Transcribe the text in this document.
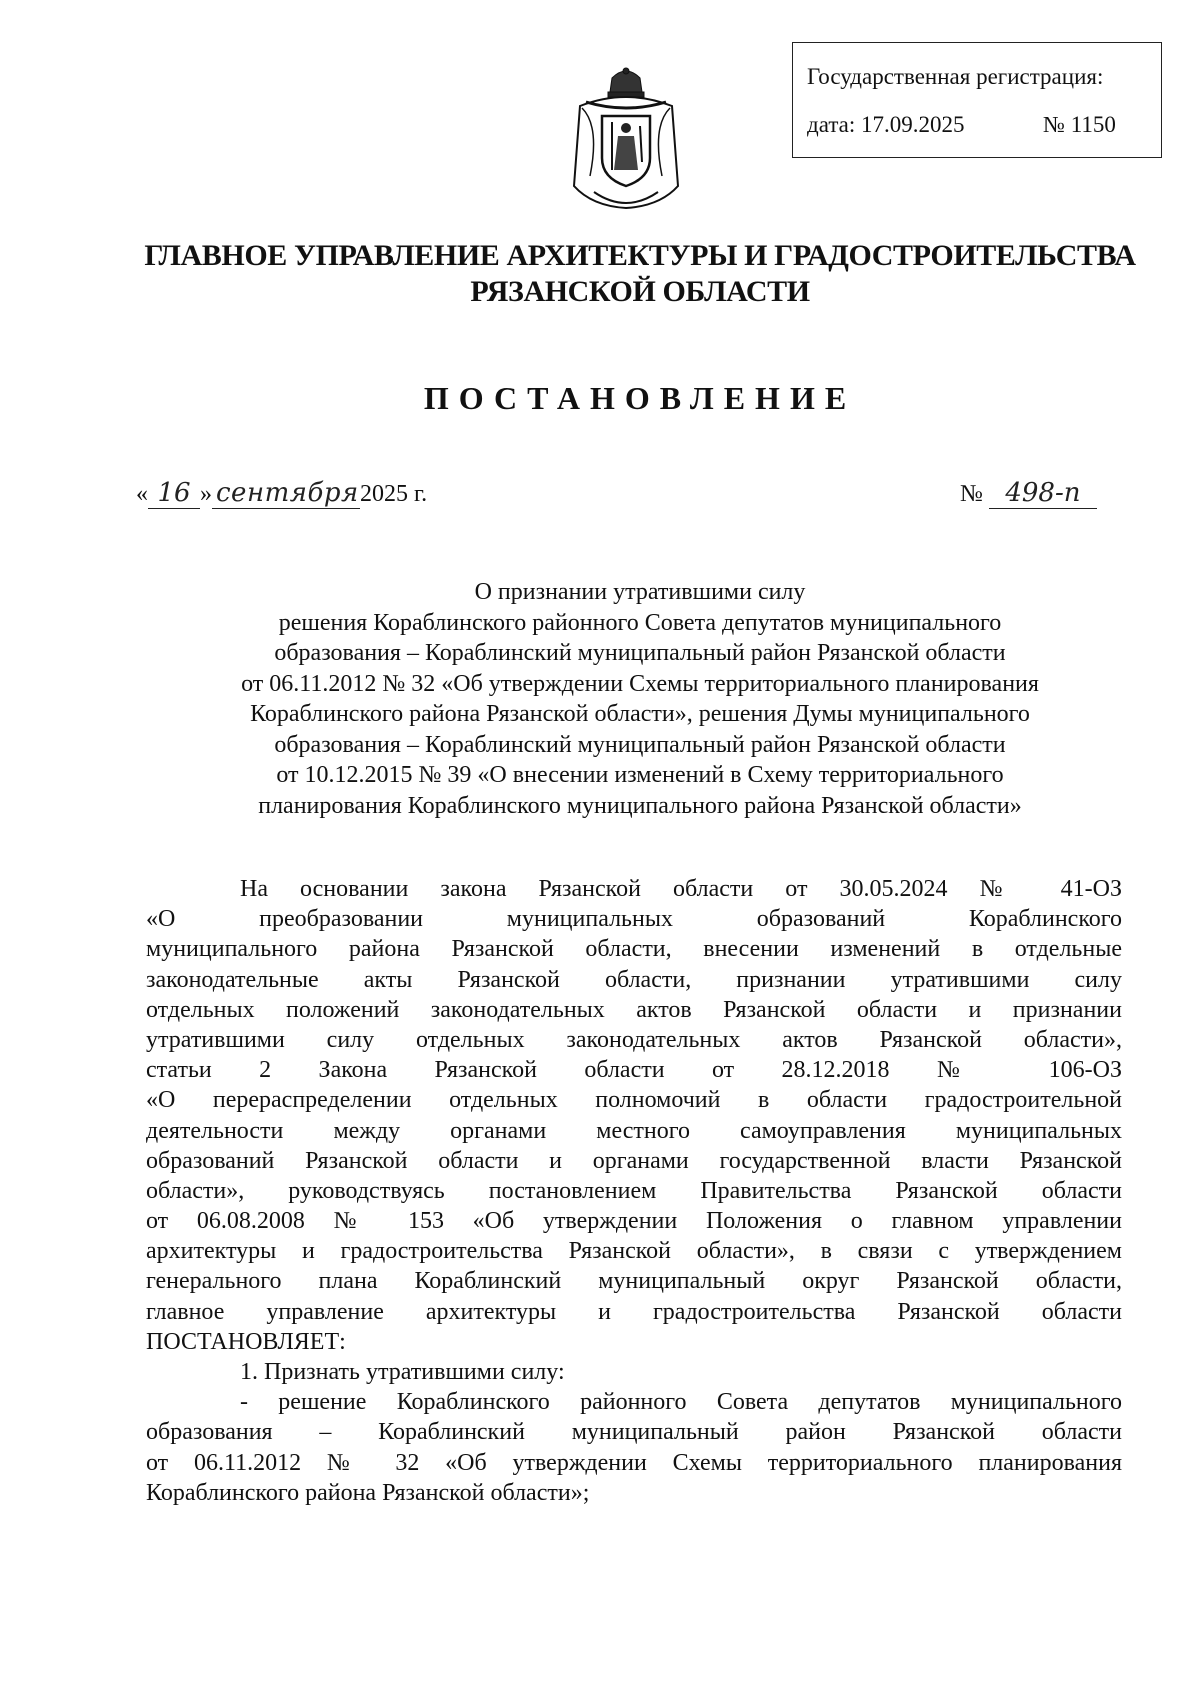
Государственная регистрация:
дата: 17.09.2025	№ 1150
ГЛАВНОЕ УПРАВЛЕНИЕ АРХИТЕКТУРЫ И ГРАДОСТРОИТЕЛЬСТВА
РЯЗАНСКОЙ ОБЛАСТИ
ПОСТАНОВЛЕНИЕ
« 16 » сентября2025 г.	№ 498-п
О признании утратившими силу
решения Кораблинского районного Совета депутатов муниципального
образования – Кораблинский муниципальный район Рязанской области
от 06.11.2012 № 32 «Об утверждении Схемы территориального планирования
Кораблинского района Рязанской области», решения Думы муниципального
образования – Кораблинский муниципальный район Рязанской области
от 10.12.2015 № 39 «О внесении изменений в Схему территориального
планирования Кораблинского муниципального района Рязанской области»
На основании закона Рязанской области от 30.05.2024 № 41-ОЗ
«О преобразовании муниципальных образований Кораблинского
муниципального района Рязанской области, внесении изменений в отдельные
законодательные акты Рязанской области, признании утратившими силу
отдельных положений законодательных актов Рязанской области и признании
утратившими силу отдельных законодательных актов Рязанской области»,
статьи 2 Закона Рязанской области от 28.12.2018 № 106-ОЗ
«О перераспределении отдельных полномочий в области градостроительной
деятельности между органами местного самоуправления муниципальных
образований Рязанской области и органами государственной власти Рязанской
области», руководствуясь постановлением Правительства Рязанской области
от 06.08.2008 № 153 «Об утверждении Положения о главном управлении
архитектуры и градостроительства Рязанской области», в связи с утверждением
генерального плана Кораблинский муниципальный округ Рязанской области,
главное управление архитектуры и градостроительства Рязанской области
ПОСТАНОВЛЯЕТ:
1. Признать утратившими силу:
- решение Кораблинского районного Совета депутатов муниципального
образования – Кораблинский муниципальный район Рязанской области
от 06.11.2012 № 32 «Об утверждении Схемы территориального планирования
Кораблинского района Рязанской области»;
